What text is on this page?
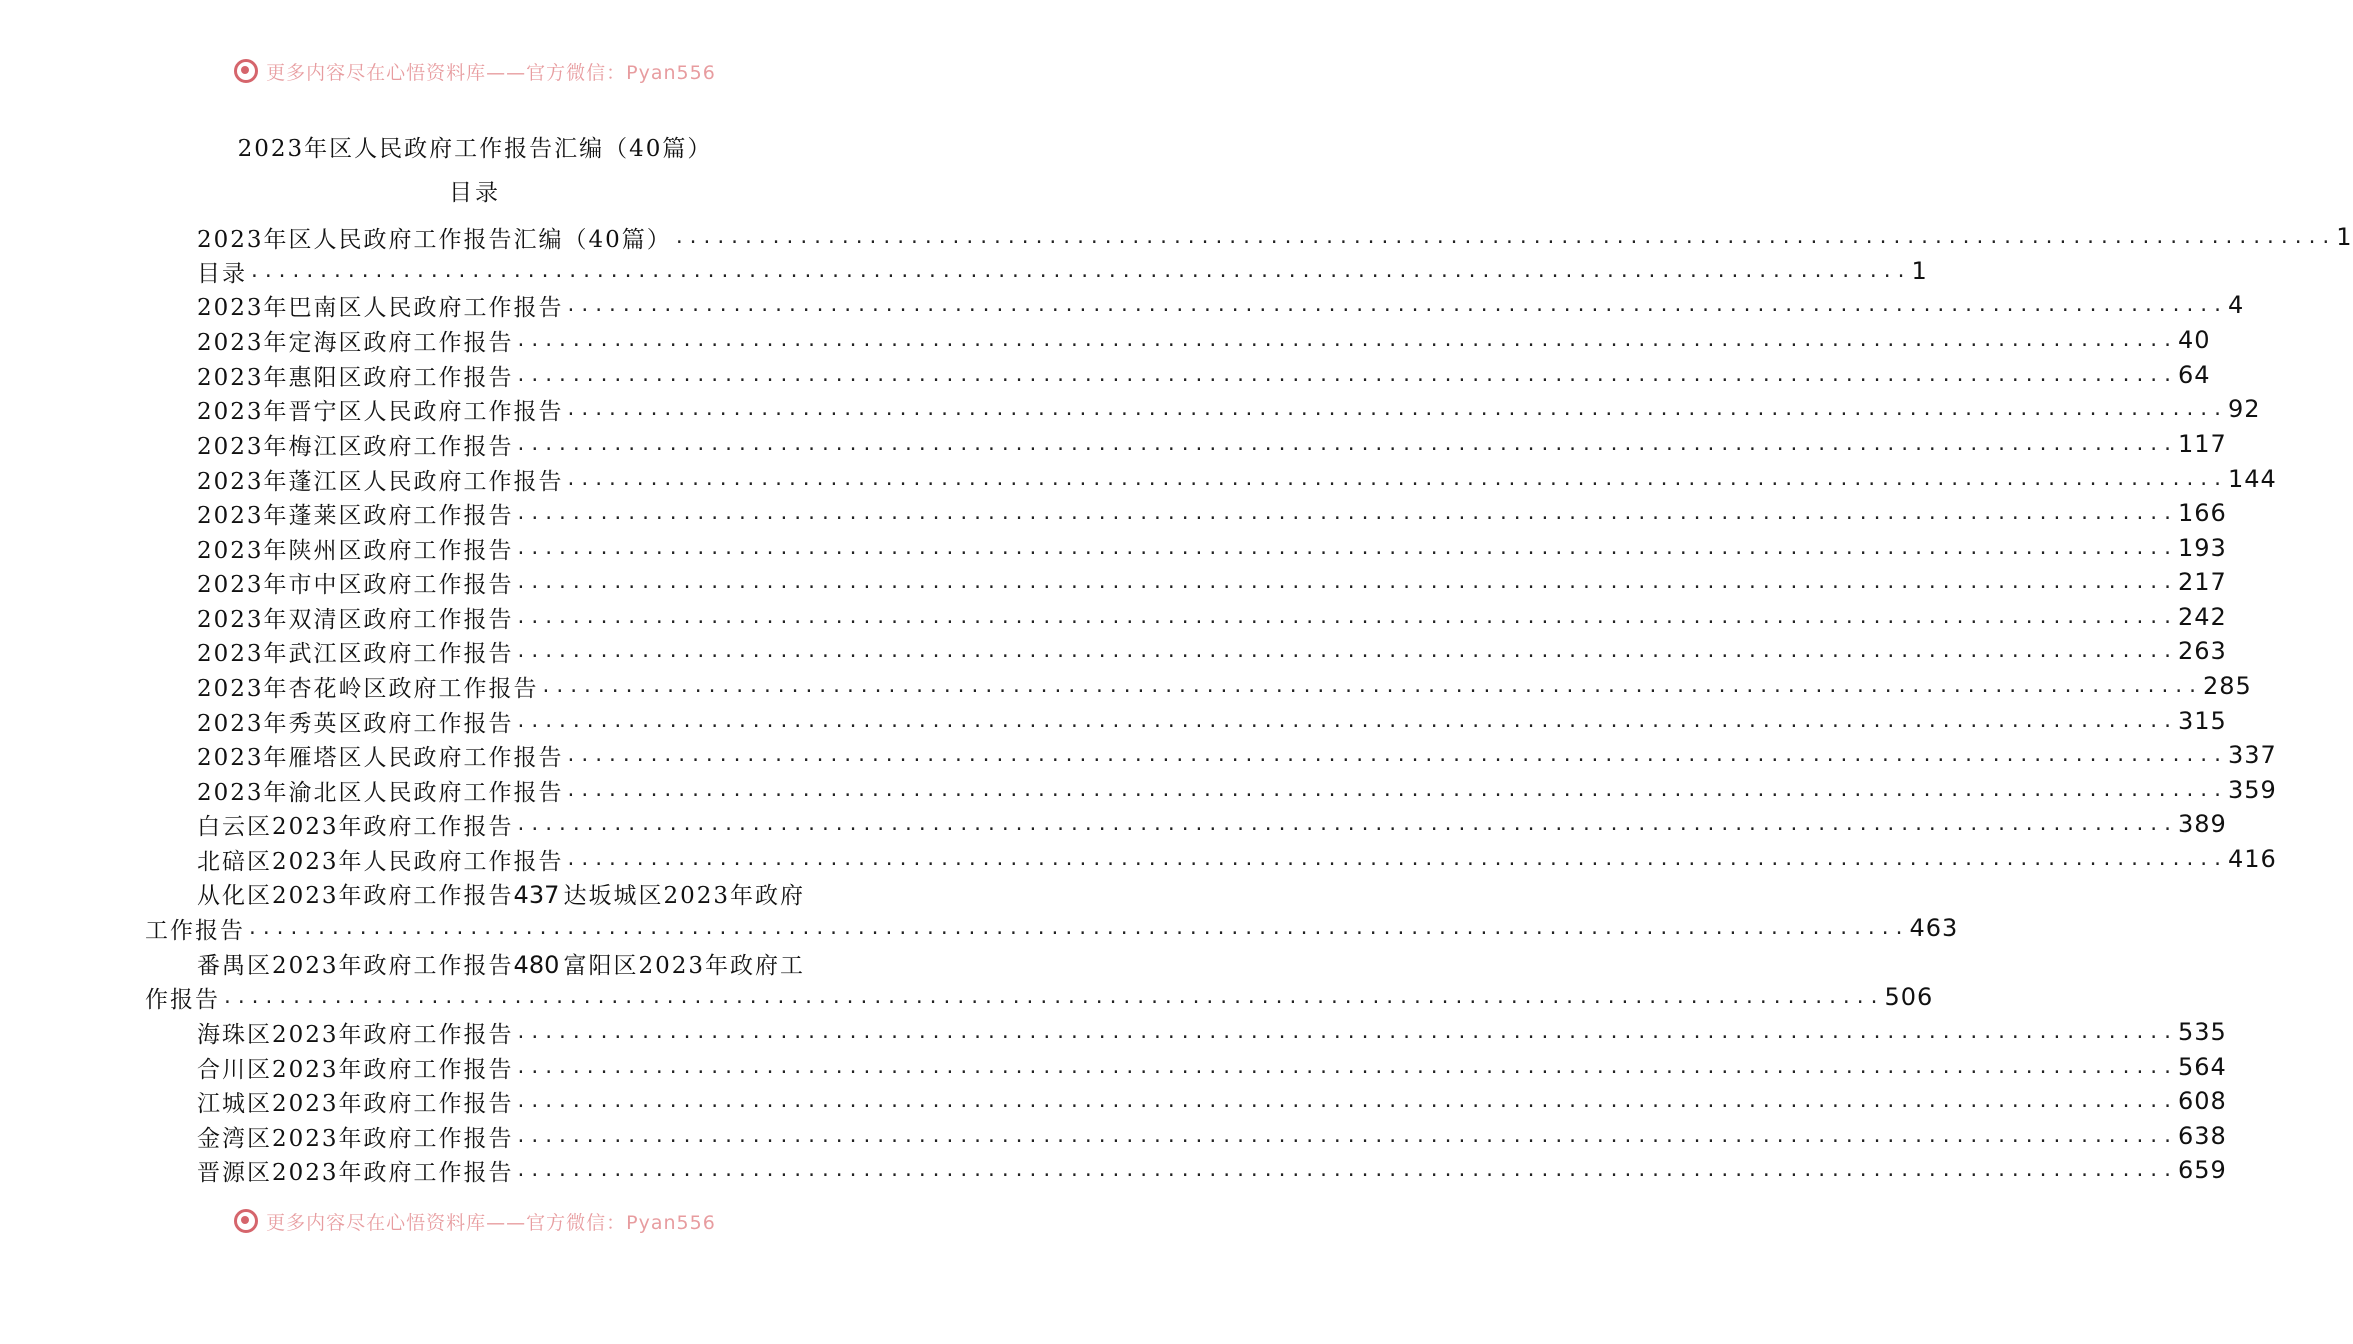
更多内容尽在心悟资料库——官方微信：Pyan556
2023年区人民政府工作报告汇编（40篇）
目录
2023年区人民政府工作报告汇编（40篇） ........................................................................................................................ 1
目录 ........................................................................................................................ 1
2023年巴南区人民政府工作报告 ........................................................................................................................ 4
2023年定海区政府工作报告 ........................................................................................................................ 40
2023年惠阳区政府工作报告 ........................................................................................................................ 64
2023年晋宁区人民政府工作报告 ........................................................................................................................ 92
2023年梅江区政府工作报告 ........................................................................................................................ 117
2023年蓬江区人民政府工作报告 ........................................................................................................................ 144
2023年蓬莱区政府工作报告 ........................................................................................................................ 166
2023年陕州区政府工作报告 ........................................................................................................................ 193
2023年市中区政府工作报告 ........................................................................................................................ 217
2023年双清区政府工作报告 ........................................................................................................................ 242
2023年武江区政府工作报告 ........................................................................................................................ 263
2023年杏花岭区政府工作报告 ........................................................................................................................ 285
2023年秀英区政府工作报告 ........................................................................................................................ 315
2023年雁塔区人民政府工作报告 ........................................................................................................................ 337
2023年渝北区人民政府工作报告 ........................................................................................................................ 359
白云区2023年政府工作报告 ........................................................................................................................ 389
北碚区2023年人民政府工作报告 ........................................................................................................................ 416
从化区2023年政府工作报告437 达坂城区2023年政府
工作报告 ........................................................................................................................ 463
番禺区2023年政府工作报告480 富阳区2023年政府工
作报告 ........................................................................................................................ 506
海珠区2023年政府工作报告 ........................................................................................................................ 535
合川区2023年政府工作报告 ........................................................................................................................ 564
江城区2023年政府工作报告 ........................................................................................................................ 608
金湾区2023年政府工作报告 ........................................................................................................................ 638
晋源区2023年政府工作报告 ........................................................................................................................ 659
更多内容尽在心悟资料库——官方微信：Pyan556
